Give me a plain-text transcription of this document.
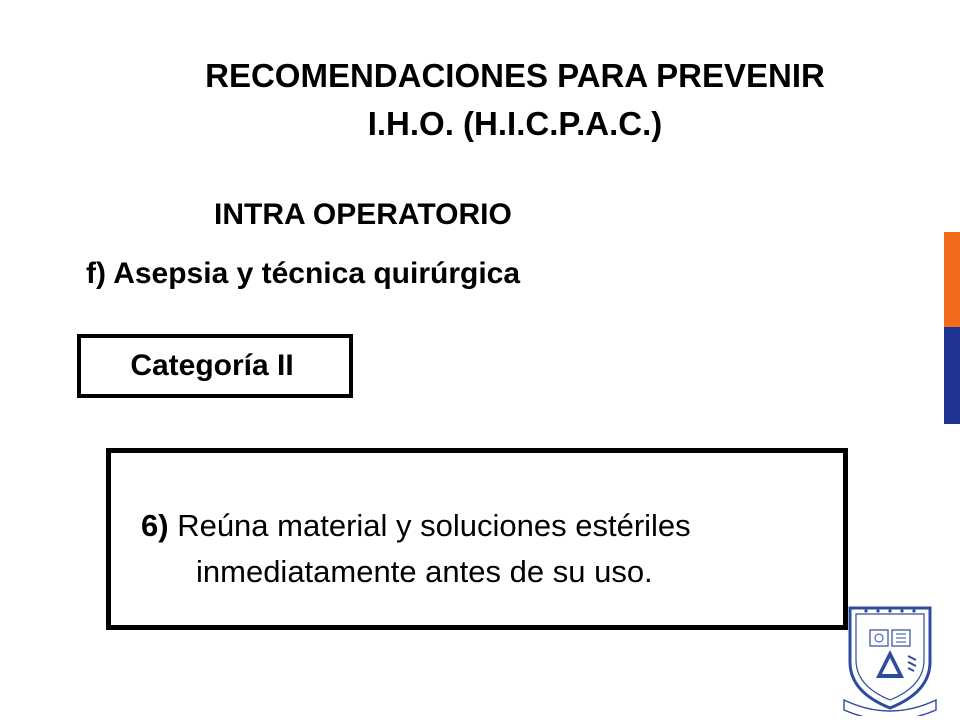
RECOMENDACIONES PARA PREVENIR
I.H.O. (H.I.C.P.A.C.)
INTRA OPERATORIO
f) Asepsia y técnica quirúrgica
Categoría II
6) Reúna material y soluciones estériles
inmediatamente antes de su uso.
